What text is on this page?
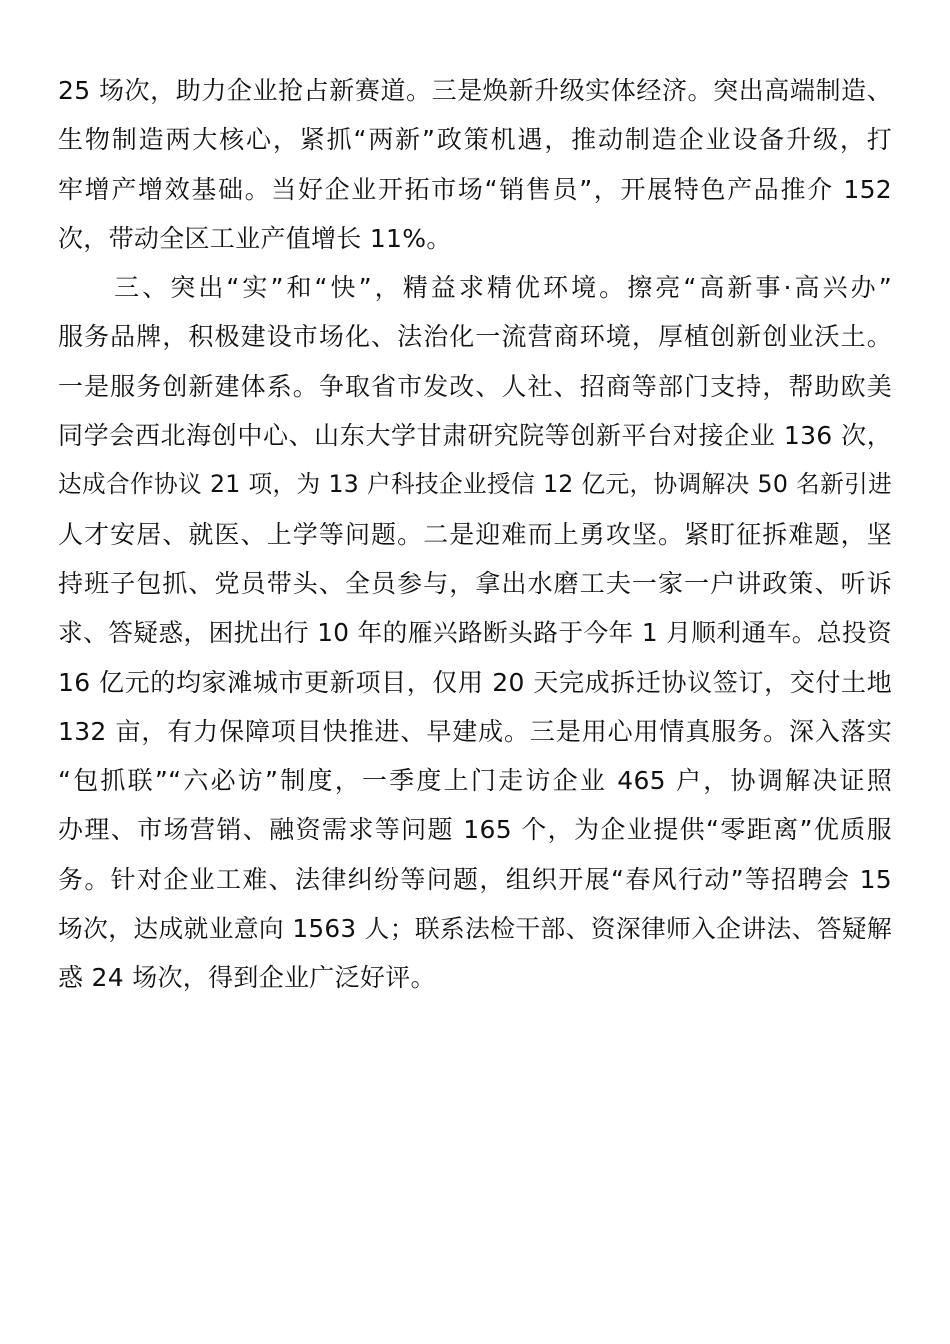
25 场次，助力企业抢占新赛道。三是焕新升级实体经济。突出高端制造、
生物制造两大核心，紧抓“两新”政策机遇，推动制造企业设备升级，打
牢增产增效基础。当好企业开拓市场“销售员”，开展特色产品推介 152
次，带动全区工业产值增长 11%。
　　三、突出“实”和“快”，精益求精优环境。擦亮“高新事·高兴办”
服务品牌，积极建设市场化、法治化一流营商环境，厚植创新创业沃土。
一是服务创新建体系。争取省市发改、人社、招商等部门支持，帮助欧美
同学会西北海创中心、山东大学甘肃研究院等创新平台对接企业 136 次，
达成合作协议 21 项，为 13 户科技企业授信 12 亿元，协调解决 50 名新引进
人才安居、就医、上学等问题。二是迎难而上勇攻坚。紧盯征拆难题，坚
持班子包抓、党员带头、全员参与，拿出水磨工夫一家一户讲政策、听诉
求、答疑惑，困扰出行 10 年的雁兴路断头路于今年 1 月顺利通车。总投资
16 亿元的均家滩城市更新项目，仅用 20 天完成拆迁协议签订，交付土地
132 亩，有力保障项目快推进、早建成。三是用心用情真服务。深入落实
“包抓联”“六必访”制度，一季度上门走访企业 465 户，协调解决证照
办理、市场营销、融资需求等问题 165 个，为企业提供“零距离”优质服
务。针对企业工难、法律纠纷等问题，组织开展“春风行动”等招聘会 15
场次，达成就业意向 1563 人；联系法检干部、资深律师入企讲法、答疑解
惑 24 场次，得到企业广泛好评。
